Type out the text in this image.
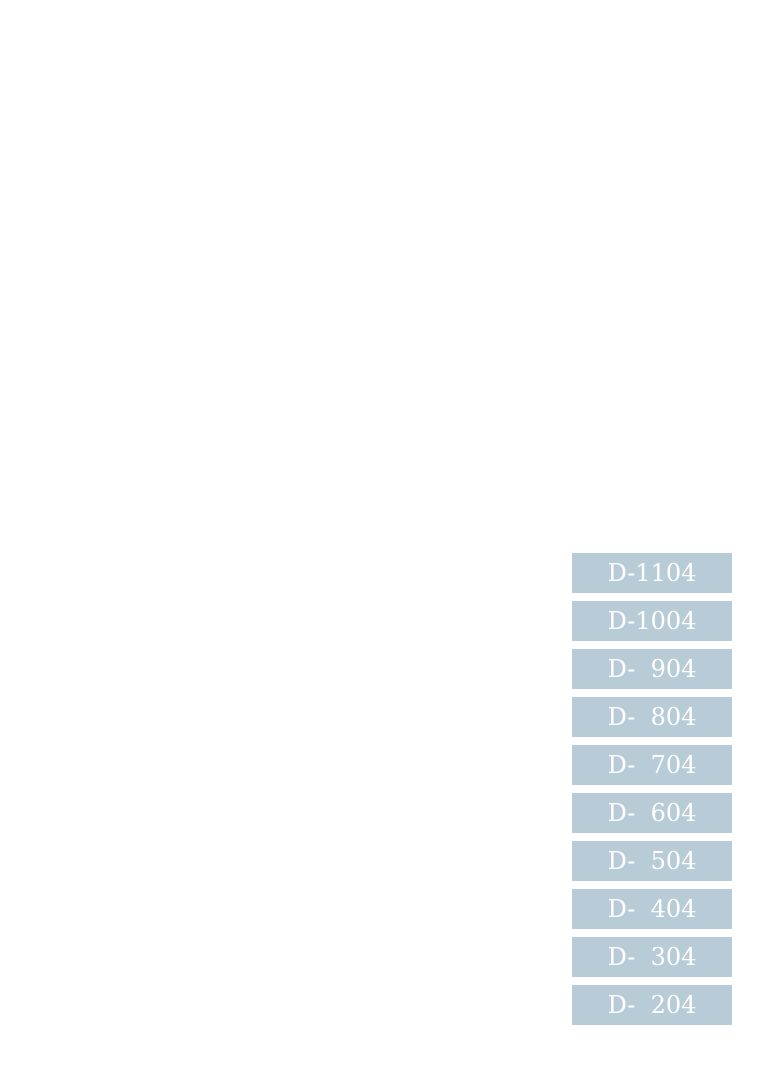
D-1104
D-1004
D-  904
D-  804
D-  704
D-  604
D-  504
D-  404
D-  304
D-  204
